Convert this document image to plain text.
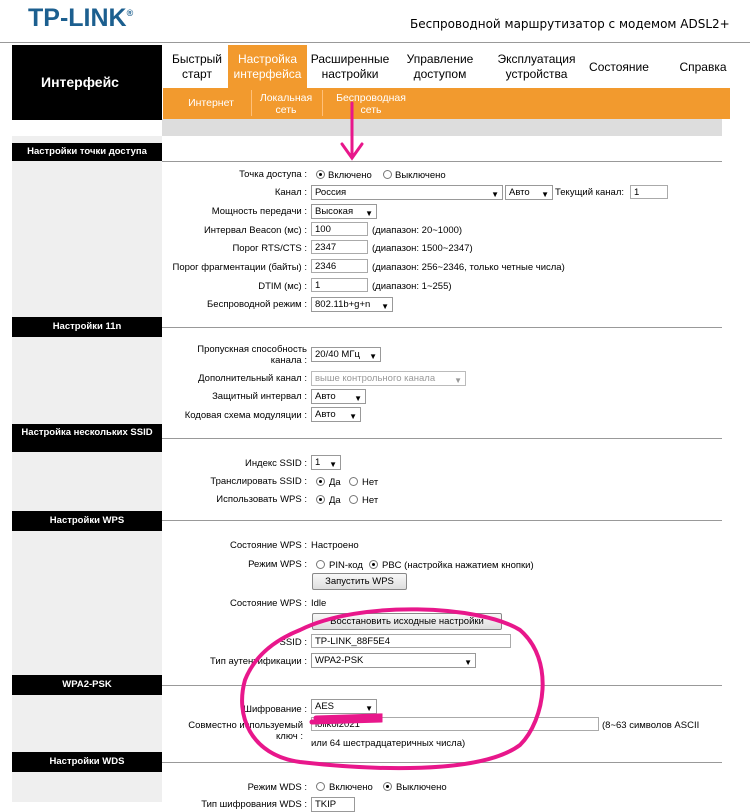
TP-LINK®
Беспроводной маршрутизатор с модемом ADSL2+
Интерфейс
Быстрый
старт
Настройка
интерфейса
Расширенные
настройки
Управление
доступом
Эксплуатация
устройства	Состояние	Справка
Интернет	Локальная
сеть
Беспроводная
сеть
Настройки точки доступа
Точка доступа : Включено Выключено
Канал : Россия	▼	Авто ▼ Текущий канал:	1
Мощность передачи : Высокая ▼
Интервал Beacon (мс) : 100	(диапазон: 20~1000)
Порог RTS/CTS : 2347	(диапазон: 1500~2347)
Порог фрагментации (байты) : 2346	(диапазон: 256~2346, только четные числа)
DTIM (мс) : 1	(диапазон: 1~255)
Беспроводной режим : 802.11b+g+n ▼
Настройки 11n
Пропускная способность
канала :
20/40 МГц ▼
Дополнительный канал : выше контрольного канала ▼
Защитный интервал : Авто ▼
Кодовая схема модуляции : Авто ▼
Настройка нескольких SSID
Индекс SSID : 1 ▼
Транслировать SSID : Да Нет
Использовать WPS : Да Нет
Настройки WPS
Состояние WPS : Настроено
Режим WPS : PIN-код PBC (настройка нажатием кнопки)
Запустить WPS
Состояние WPS : Idle
Восстановить исходные настройки
SSID : TP-LINK_88F5E4
Тип аутентификации : WPA2-PSK	▼
WPA2-PSK
Шифрование : AES	▼
Совместно используемый
ключ :
lolikol2021	(8~63 символов ASCII
или 64 шестрадцатеричных числа)
Настройки WDS
Режим WDS : Включено Выключено
Тип шифрования WDS : TKIP
